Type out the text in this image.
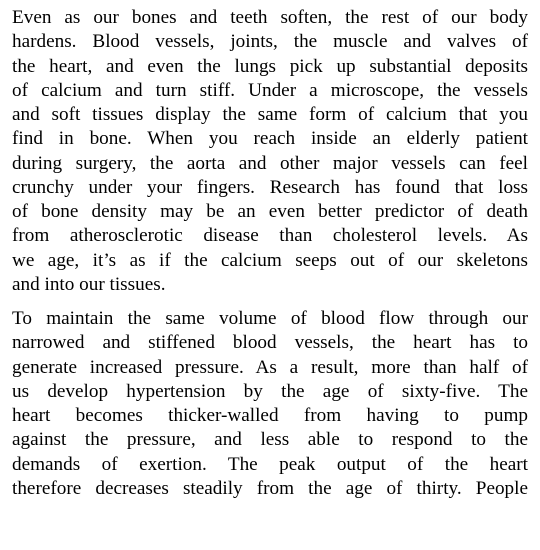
Even as our bones and teeth soften, the rest of our body
hardens. Blood vessels, joints, the muscle and valves of
the heart, and even the lungs pick up substantial deposits
of calcium and turn stiff. Under a microscope, the vessels
and soft tissues display the same form of calcium that you
find in bone. When you reach inside an elderly patient
during surgery, the aorta and other major vessels can feel
crunchy under your fingers. Research has found that loss
of bone density may be an even better predictor of death
from atherosclerotic disease than cholesterol levels. As
we age, it’s as if the calcium seeps out of our skeletons
and into our tissues.
To maintain the same volume of blood flow through our
narrowed and stiffened blood vessels, the heart has to
generate increased pressure. As a result, more than half of
us develop hypertension by the age of sixty-five. The
heart becomes thicker-walled from having to pump
against the pressure, and less able to respond to the
demands of exertion. The peak output of the heart
therefore decreases steadily from the age of thirty. People
